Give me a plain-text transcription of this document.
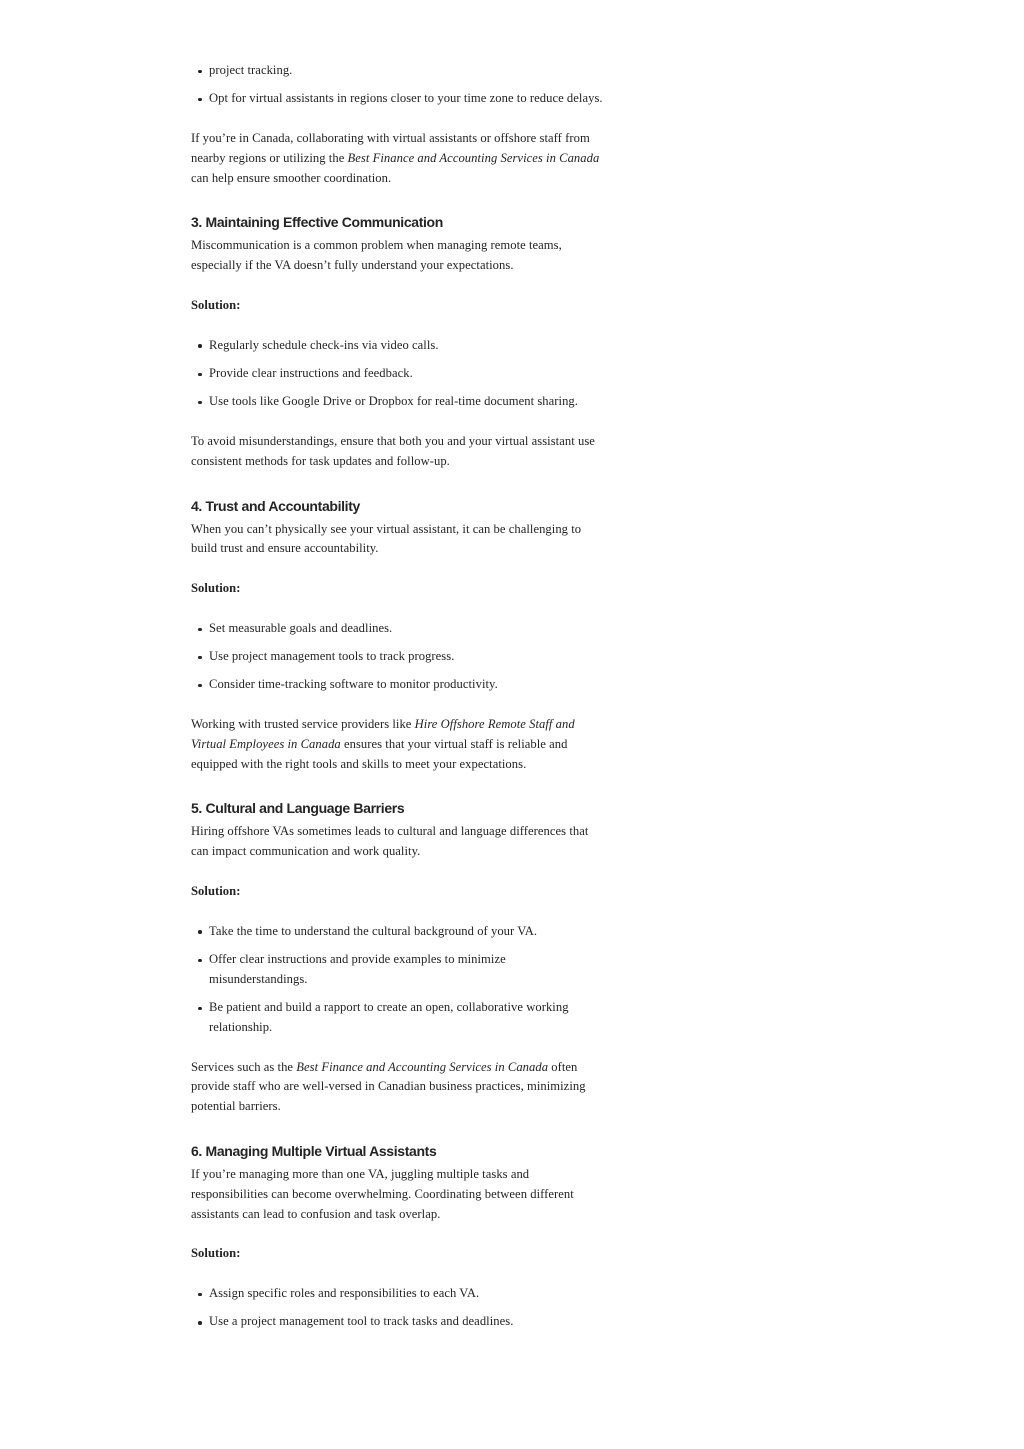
project tracking.
Opt for virtual assistants in regions closer to your time zone to reduce delays.

If you’re in Canada, collaborating with virtual assistants or offshore staff from nearby regions or utilizing the Best Finance and Accounting Services in Canada can help ensure smoother coordination.

3. Maintaining Effective Communication

Miscommunication is a common problem when managing remote teams, especially if the VA doesn’t fully understand your expectations.

Solution:

Regularly schedule check-ins via video calls.
Provide clear instructions and feedback.
Use tools like Google Drive or Dropbox for real-time document sharing.

To avoid misunderstandings, ensure that both you and your virtual assistant use consistent methods for task updates and follow-up.

4. Trust and Accountability

When you can’t physically see your virtual assistant, it can be challenging to build trust and ensure accountability.

Solution:

Set measurable goals and deadlines.
Use project management tools to track progress.
Consider time-tracking software to monitor productivity.

Working with trusted service providers like Hire Offshore Remote Staff and Virtual Employees in Canada ensures that your virtual staff is reliable and equipped with the right tools and skills to meet your expectations.

5. Cultural and Language Barriers

Hiring offshore VAs sometimes leads to cultural and language differences that can impact communication and work quality.

Solution:

Take the time to understand the cultural background of your VA.
Offer clear instructions and provide examples to minimize misunderstandings.
Be patient and build a rapport to create an open, collaborative working relationship.

Services such as the Best Finance and Accounting Services in Canada often provide staff who are well-versed in Canadian business practices, minimizing potential barriers.

6. Managing Multiple Virtual Assistants

If you’re managing more than one VA, juggling multiple tasks and responsibilities can become overwhelming. Coordinating between different assistants can lead to confusion and task overlap.

Solution:

Assign specific roles and responsibilities to each VA.
Use a project management tool to track tasks and deadlines.
